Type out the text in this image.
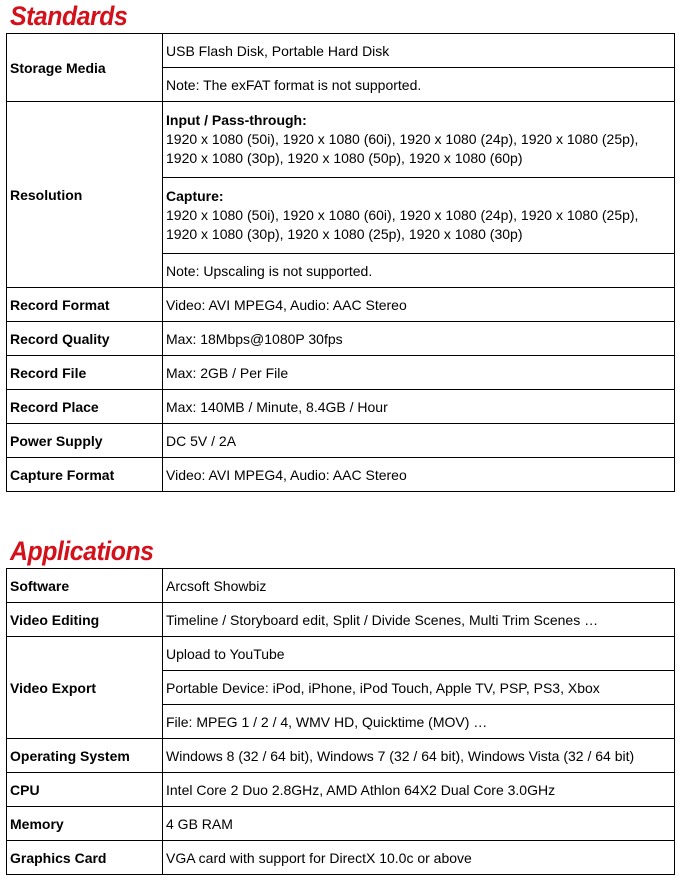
Standards
Storage Media	USB Flash Disk, Portable Hard Disk
	Note: The exFAT format is not supported.
Resolution	Input / Pass-through:
1920 x 1080 (50i), 1920 x 1080 (60i), 1920 x 1080 (24p), 1920 x 1080 (25p),
1920 x 1080 (30p), 1920 x 1080 (50p), 1920 x 1080 (60p)

	Capture:
1920 x 1080 (50i), 1920 x 1080 (60i), 1920 x 1080 (24p), 1920 x 1080 (25p),
1920 x 1080 (30p), 1920 x 1080 (25p), 1920 x 1080 (30p)

	Note: Upscaling is not supported.
Record Format	Video: AVI MPEG4, Audio: AAC Stereo
Record Quality	Max: 18Mbps@1080P 30fps
Record File	Max: 2GB / Per File
Record Place	Max: 140MB / Minute, 8.4GB / Hour
Power Supply	DC 5V / 2A
Capture Format	Video: AVI MPEG4, Audio: AAC Stereo
Applications
Software	Arcsoft Showbiz
Video Editing	Timeline / Storyboard edit, Split / Divide Scenes, Multi Trim Scenes …
Video Export	Upload to YouTube
	Portable Device: iPod, iPhone, iPod Touch, Apple TV, PSP, PS3, Xbox
	File: MPEG 1 / 2 / 4, WMV HD, Quicktime (MOV) …
Operating System	Windows 8 (32 / 64 bit), Windows 7 (32 / 64 bit), Windows Vista (32 / 64 bit)
CPU	Intel Core 2 Duo 2.8GHz, AMD Athlon 64X2 Dual Core 3.0GHz
Memory	4 GB RAM
Graphics Card	VGA card with support for DirectX 10.0c or above
